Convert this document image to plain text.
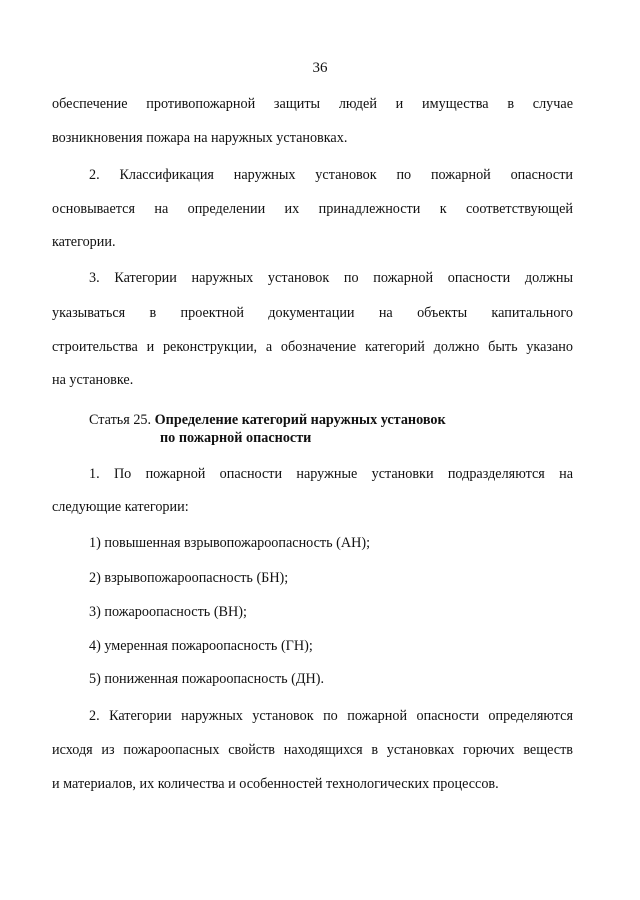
36
обеспечение противопожарной защиты людей и имущества в случае
возникновения пожара на наружных установках.
2. Классификация наружных установок по пожарной опасности
основывается на определении их принадлежности к соответствующей
категории.
3. Категории наружных установок по пожарной опасности должны
указываться в проектной документации на объекты капитального
строительства и реконструкции, а обозначение категорий должно быть указано
на установке.
Статья 25. Определение категорий наружных установок
по пожарной опасности
1. По пожарной опасности наружные установки подразделяются на
следующие категории:
1) повышенная взрывопожароопасность (АН);
2) взрывопожароопасность (БН);
3) пожароопасность (ВН);
4) умеренная пожароопасность (ГН);
5) пониженная пожароопасность (ДН).
2. Категории наружных установок по пожарной опасности определяются
исходя из пожароопасных свойств находящихся в установках горючих веществ
и материалов, их количества и особенностей технологических процессов.
